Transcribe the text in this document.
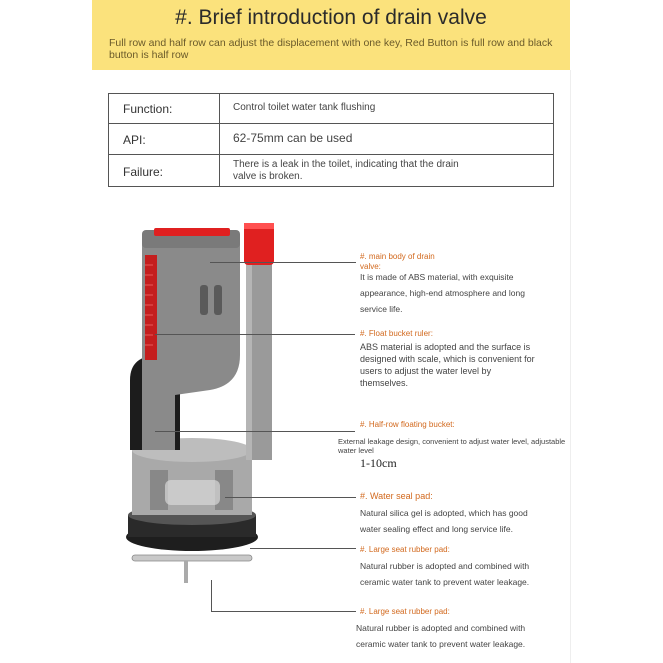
#. Brief introduction of drain valve
Full row and half row can adjust the displacement with one key, Red Button is full row and black button is half row
Function:	Control toilet water tank flushing
API:	62-75mm can be used
Failure:
There is a leak in the toilet, indicating that the drain valve is broken.
#. main body of drain valve:
It is made of ABS material, with exquisite appearance, high-end atmosphere and long service life.
#. Float bucket ruler:
ABS material is adopted and the surface is designed with scale, which is convenient for users to adjust the water level by themselves.
#. Half-row floating bucket:
External leakage design, convenient to adjust water level, adjustable water level
1-10cm
#. Water seal pad:
Natural silica gel is adopted, which has good water sealing effect and long service life.
#. Large seat rubber pad:
Natural rubber is adopted and combined with ceramic water tank to prevent water leakage.
#. Large seat rubber pad:
Natural rubber is adopted and combined with ceramic water tank to prevent water leakage.
